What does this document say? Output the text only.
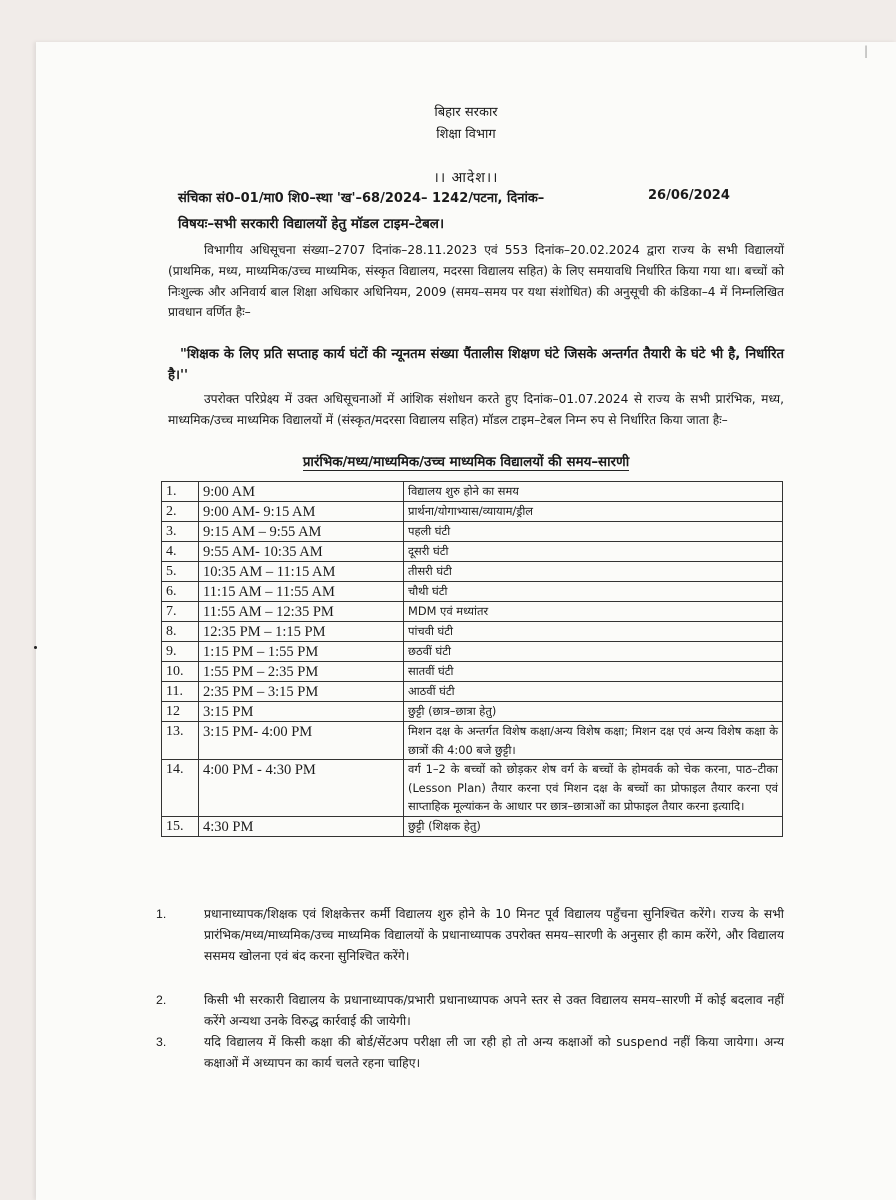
|
बिहार सरकार
शिक्षा विभाग
।। आदेश।।
संचिका सं0–01/मा0 शि0–स्था 'ख'–68/2024– 1242/पटना, दिनांक–	26/06/2024
विषयः–सभी सरकारी विद्यालयों हेतु मॉडल टाइम–टेबल।
विभागीय अधिसूचना संख्या–2707 दिनांक–28.11.2023 एवं 553 दिनांक–20.02.2024 द्वारा राज्य के सभी विद्यालयों (प्राथमिक, मध्य, माध्यमिक/उच्च माध्यमिक, संस्कृत विद्यालय, मदरसा विद्यालय सहित) के लिए समयावधि निर्धारित किया गया था। बच्चों को निःशुल्क और अनिवार्य बाल शिक्षा अधिकार अधिनियम, 2009 (समय–समय पर यथा संशोधित) की अनुसूची की कंडिका–4 में निम्नलिखित प्रावधान वर्णित हैः–
"शिक्षक के लिए प्रति सप्ताह कार्य घंटों की न्यूनतम संख्या पैंतालीस शिक्षण घंटे जिसके अन्तर्गत तैयारी के घंटे भी है, निर्धारित है।''
उपरोक्त परिप्रेक्ष्य में उक्त अधिसूचनाओं में आंशिक संशोधन करते हुए दिनांक–01.07.2024 से राज्य के सभी प्रारंभिक, मध्य, माध्यमिक/उच्च माध्यमिक विद्यालयों में (संस्कृत/मदरसा विद्यालय सहित) मॉडल टाइम–टेबल निम्न रुप से निर्धारित किया जाता हैः–
प्रारंभिक/मध्य/माध्यमिक/उच्च माध्यमिक विद्यालयों की समय–सारणी
1.	9:00 AM	विद्यालय शुरु होने का समय
2.	9:00 AM- 9:15 AM	प्रार्थना/योगाभ्यास/व्यायाम/ड्रील
3.	9:15 AM – 9:55 AM	पहली घंटी
4.	9:55 AM- 10:35 AM	दूसरी घंटी
5.	10:35 AM – 11:15 AM	तीसरी घंटी
6.	11:15 AM – 11:55 AM	चौथी घंटी
7.	11:55 AM – 12:35 PM	MDM एवं मध्यांतर
8.	12:35 PM – 1:15 PM	पांचवी घंटी
9.	1:15 PM – 1:55 PM	छठवीं घंटी
10.	1:55 PM – 2:35 PM	सातवीं घंटी
11.	2:35 PM – 3:15 PM	आठवीं घंटी
12	3:15 PM	छुट्टी (छात्र–छात्रा हेतु)
13.	3:15 PM- 4:00 PM	मिशन दक्ष के अन्तर्गत विशेष कक्षा/अन्य विशेष कक्षा; मिशन दक्ष एवं अन्य विशेष कक्षा के छात्रों की 4:00 बजे छुट्टी।
14.	4:00 PM - 4:30 PM	वर्ग 1–2 के बच्चों को छोड़कर शेष वर्ग के बच्चों के होमवर्क को चेक करना, पाठ–टीका (Lesson Plan) तैयार करना एवं मिशन दक्ष के बच्चों का प्रोफाइल तैयार करना एवं साप्ताहिक मूल्यांकन के आधार पर छात्र–छात्राओं का प्रोफाइल तैयार करना इत्यादि।
15.	4:30 PM	छुट्टी (शिक्षक हेतु)
1.	प्रधानाध्यापक/शिक्षक एवं शिक्षकेत्तर कर्मी विद्यालय शुरु होने के 10 मिनट पूर्व विद्यालय पहुँचना सुनिश्चित करेंगे। राज्य के सभी प्रारंभिक/मध्य/माध्यमिक/उच्च माध्यमिक विद्यालयों के प्रधानाध्यापक उपरोक्त समय–सारणी के अनुसार ही काम करेंगे, और विद्यालय ससमय खोलना एवं बंद करना सुनिश्चित करेंगे।
2.	किसी भी सरकारी विद्यालय के प्रधानाध्यापक/प्रभारी प्रधानाध्यापक अपने स्तर से उक्त विद्यालय समय–सारणी में कोई बदलाव नहीं करेंगे अन्यथा उनके विरुद्ध कार्रवाई की जायेगी।
3.	यदि विद्यालय में किसी कक्षा की बोर्ड/सेंटअप परीक्षा ली जा रही हो तो अन्य कक्षाओं को suspend नहीं किया जायेगा। अन्य कक्षाओं में अध्यापन का कार्य चलते रहना चाहिए।
